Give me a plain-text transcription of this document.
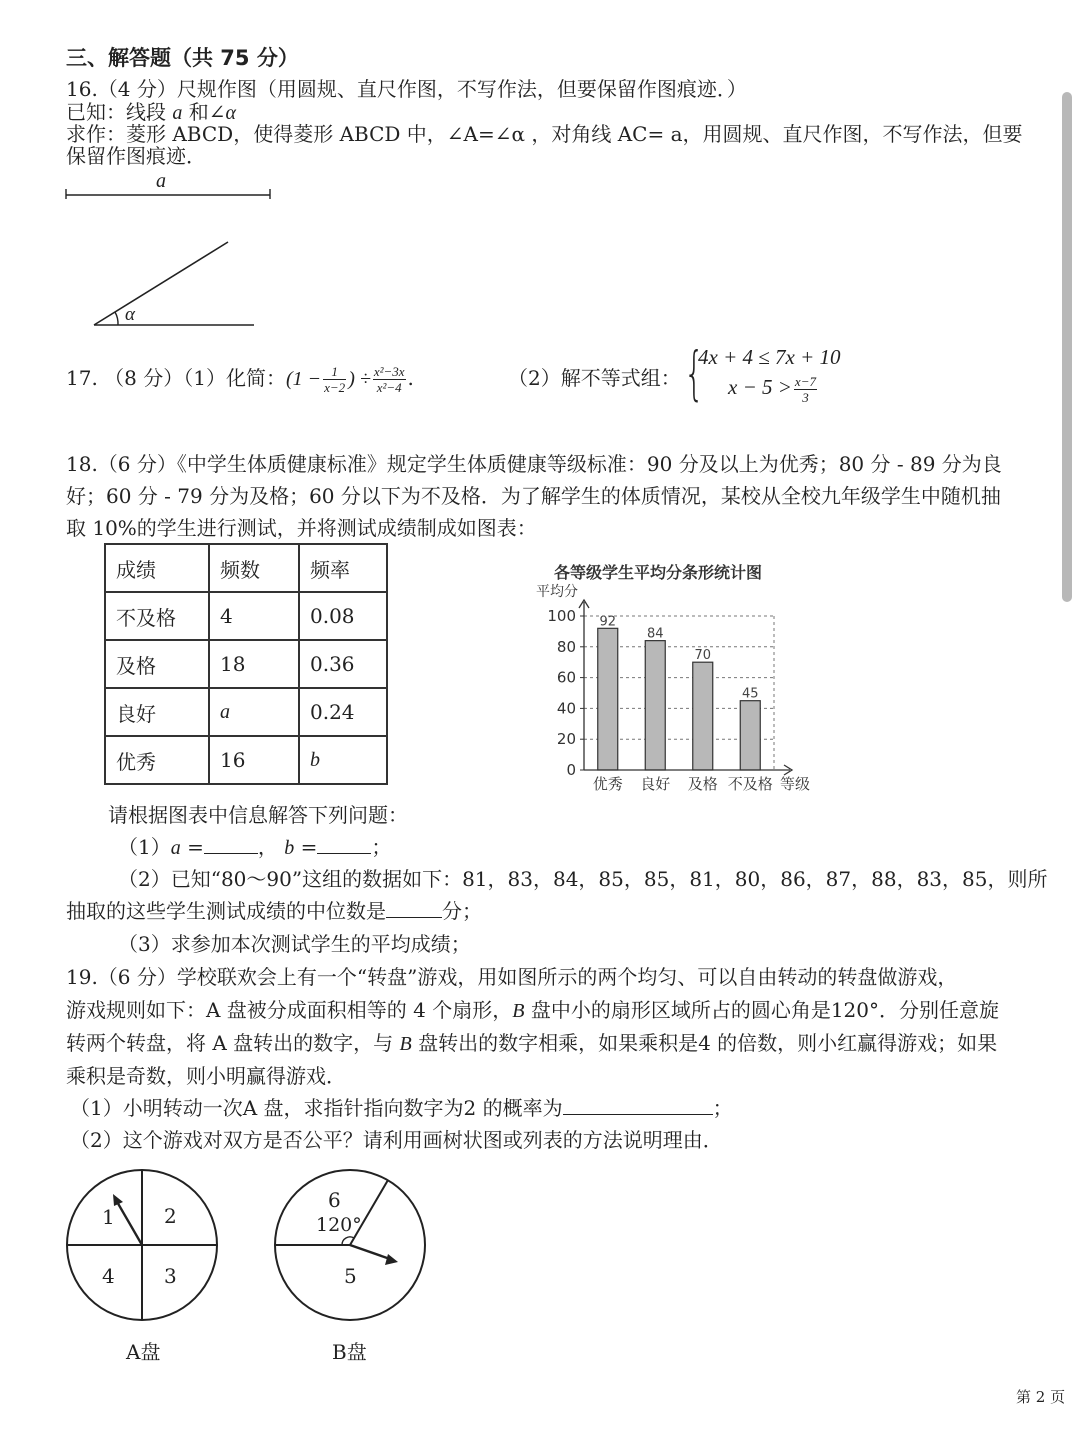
三、解答题（共 75 分）
16.（4 分）尺规作图（用圆规、直尺作图，不写作法，但要保留作图痕迹．）
已知：线段 a 和∠α
求作：菱形 ABCD，使得菱形 ABCD 中，∠A=∠α ，对角线 AC= a，用圆规、直尺作图，不写作法，但要
保留作图痕迹．
a
α
17. （8 分）（1）化简：($1 - \frac{1}{x-2}$ ) ÷ $\frac{\text{x²−3x}}{\text{x²−4}}$ .	（2）解不等式组： {
4x + 4 ≤ 7x + 10
$x - 5 > \frac{x-7}{3}$
18.（6 分）《中学生体质健康标准》规定学生体质健康等级标准：90 分及以上为优秀；80 分 - 89 分为良
好；60 分 - 79 分为及格；60 分以下为不及格．为了解学生的体质情况，某校从全校九年级学生中随机抽
取 10%的学生进行测试，并将测试成绩制成如图表：
成绩	频数	频率
不及格	4	0.08
及格	18	0.36
良好	a	0.24
优秀	16	b
各等级学生平均分条形统计图
平均分
等级
92
优秀
84
良好
70
及格
45
不及格
0
20
40
60
80
100
请根据图表中信息解答下列问题：
（1）a =	， b =	；
（2）已知“80～90”这组的数据如下：81，83，84，85，85，81，80，86，87，88，83，85，则所
抽取的这些学生测试成绩的中位数是	分；
（3）求参加本次测试学生的平均成绩；
19.（6 分）学校联欢会上有一个“转盘”游戏，用如图所示的两个均匀、可以自由转动的转盘做游戏，
游戏规则如下：A 盘被分成面积相等的 4 个扇形，B 盘中小的扇形区域所占的圆心角是120°．分别任意旋
转两个转盘，将 A 盘转出的数字，与 B 盘转出的数字相乘，如果乘积是4 的倍数，则小红赢得游戏；如果
乘积是奇数，则小明赢得游戏．
（1）小明转动一次A 盘，求指针指向数字为2 的概率为	；
（2）这个游戏对双方是否公平？请利用画树状图或列表的方法说明理由．
1 2
3
4
A盘
6
120°
5
B盘
第 2 页
